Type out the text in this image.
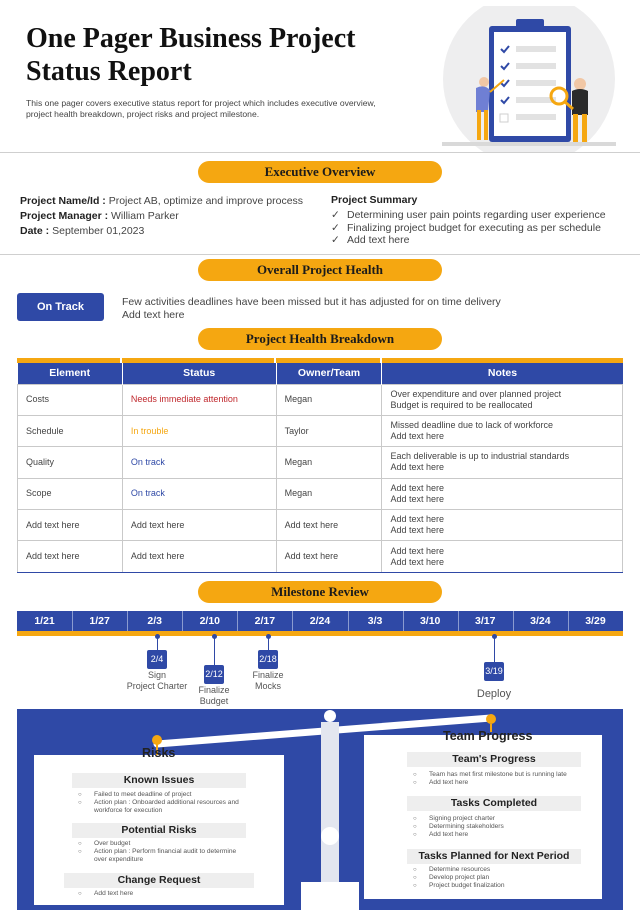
One Pager Business Project
Status Report
This one pager covers executive status report for project which includes executive overview,
project health breakdown, project risks and project milestone.
Executive Overview
Project Name/Id : Project AB, optimize and improve process
Project Manager : William Parker
Date : September 01,2023
Project Summary
✓ Determining user pain points regarding user experience
✓ Finalizing project budget for executing as per schedule
✓ Add text here
Overall Project Health
On Track	Few activities deadlines have been missed but it has adjusted for on time delivery
Add text here
Project Health Breakdown
Element	Status	Owner/Team	Notes
Costs	Needs immediate attention	Megan	Over expenditure and over planned project
Budget is required to be reallocated

Schedule	In trouble	Taylor	Missed deadline due to lack of workforce
Add text here

Quality	On track	Megan	Each deliverable is up to industrial standards
Add text here

Scope	On track	Megan	Add text here
Add text here

Add text here	Add text here	Add text here	Add text here
Add text here

Add text here	Add text here	Add text here	Add text here
Add text here
Milestone Review
1/21	1/27	2/3	2/10	2/17	2/24	3/3	3/10	3/17	3/24	3/29
2/4
Sign
Project Charter
2/12
Finalize
Budget
2/18
Finalize
Mocks
3/19
Deploy
Risks
Known Issues
○ Failed to meet deadline of project
○ Action plan : Onboarded additional resources and
workforce for execution
Potential Risks
○ Over budget
○ Action plan : Perform financial audit to determine
over expenditure
Change Request
○ Add text here
Team Progress
Team's Progress
○ Team has met first milestone but is running late
○ Add text here
Tasks Completed
○ Signing project charter
○ Determining stakeholders
○ Add text here
Tasks Planned for Next Period
○ Determine resources
○ Develop project plan
○ Project budget finalization
